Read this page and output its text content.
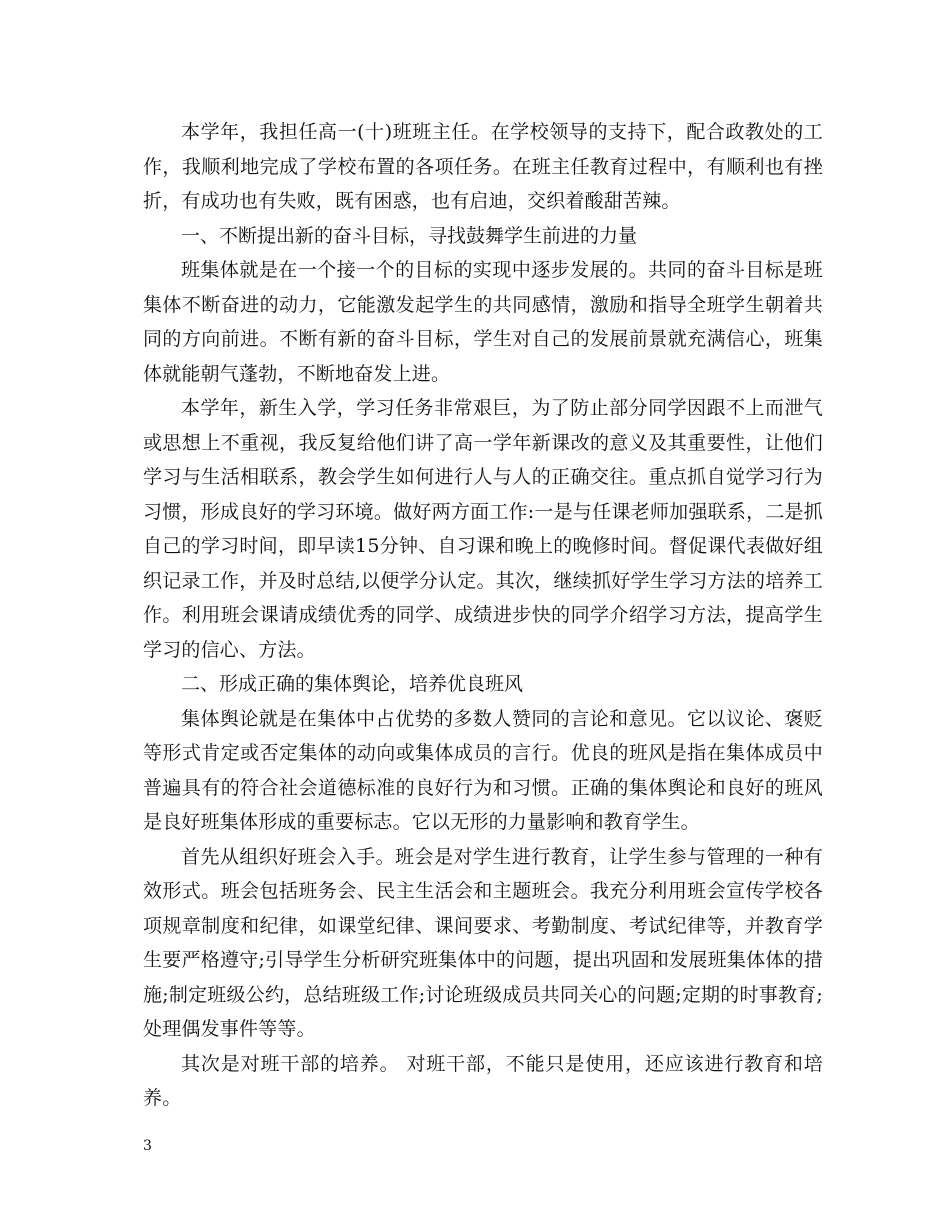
本学年，我担任高一(十)班班主任。在学校领导的支持下，配合政教处的工作，我顺利地完成了学校布置的各项任务。在班主任教育过程中，有顺利也有挫折，有成功也有失败，既有困惑，也有启迪，交织着酸甜苦辣。

一、不断提出新的奋斗目标，寻找鼓舞学生前进的力量

班集体就是在一个接一个的目标的实现中逐步发展的。共同的奋斗目标是班集体不断奋进的动力，它能激发起学生的共同感情，激励和指导全班学生朝着共同的方向前进。不断有新的奋斗目标，学生对自己的发展前景就充满信心，班集体就能朝气蓬勃，不断地奋发上进。

本学年，新生入学，学习任务非常艰巨，为了防止部分同学因跟不上而泄气或思想上不重视，我反复给他们讲了高一学年新课改的意义及其重要性，让他们学习与生活相联系，教会学生如何进行人与人的正确交往。重点抓自觉学习行为习惯，形成良好的学习环境。做好两方面工作:一是与任课老师加强联系，二是抓自己的学习时间，即早读15分钟、自习课和晚上的晚修时间。督促课代表做好组织记录工作，并及时总结,以便学分认定。其次，继续抓好学生学习方法的培养工作。利用班会课请成绩优秀的同学、成绩进步快的同学介绍学习方法，提高学生学习的信心、方法。

二、形成正确的集体舆论，培养优良班风

集体舆论就是在集体中占优势的多数人赞同的言论和意见。它以议论、褒贬等形式肯定或否定集体的动向或集体成员的言行。优良的班风是指在集体成员中普遍具有的符合社会道德标准的良好行为和习惯。正确的集体舆论和良好的班风是良好班集体形成的重要标志。它以无形的力量影响和教育学生。

首先从组织好班会入手。班会是对学生进行教育，让学生参与管理的一种有效形式。班会包括班务会、民主生活会和主题班会。我充分利用班会宣传学校各项规章制度和纪律，如课堂纪律、课间要求、考勤制度、考试纪律等，并教育学生要严格遵守;引导学生分析研究班集体中的问题，提出巩固和发展班集体体的措施;制定班级公约，总结班级工作;讨论班级成员共同关心的问题;定期的时事教育;处理偶发事件等等。

其次是对班干部的培养。 对班干部，不能只是使用，还应该进行教育和培养。

3
